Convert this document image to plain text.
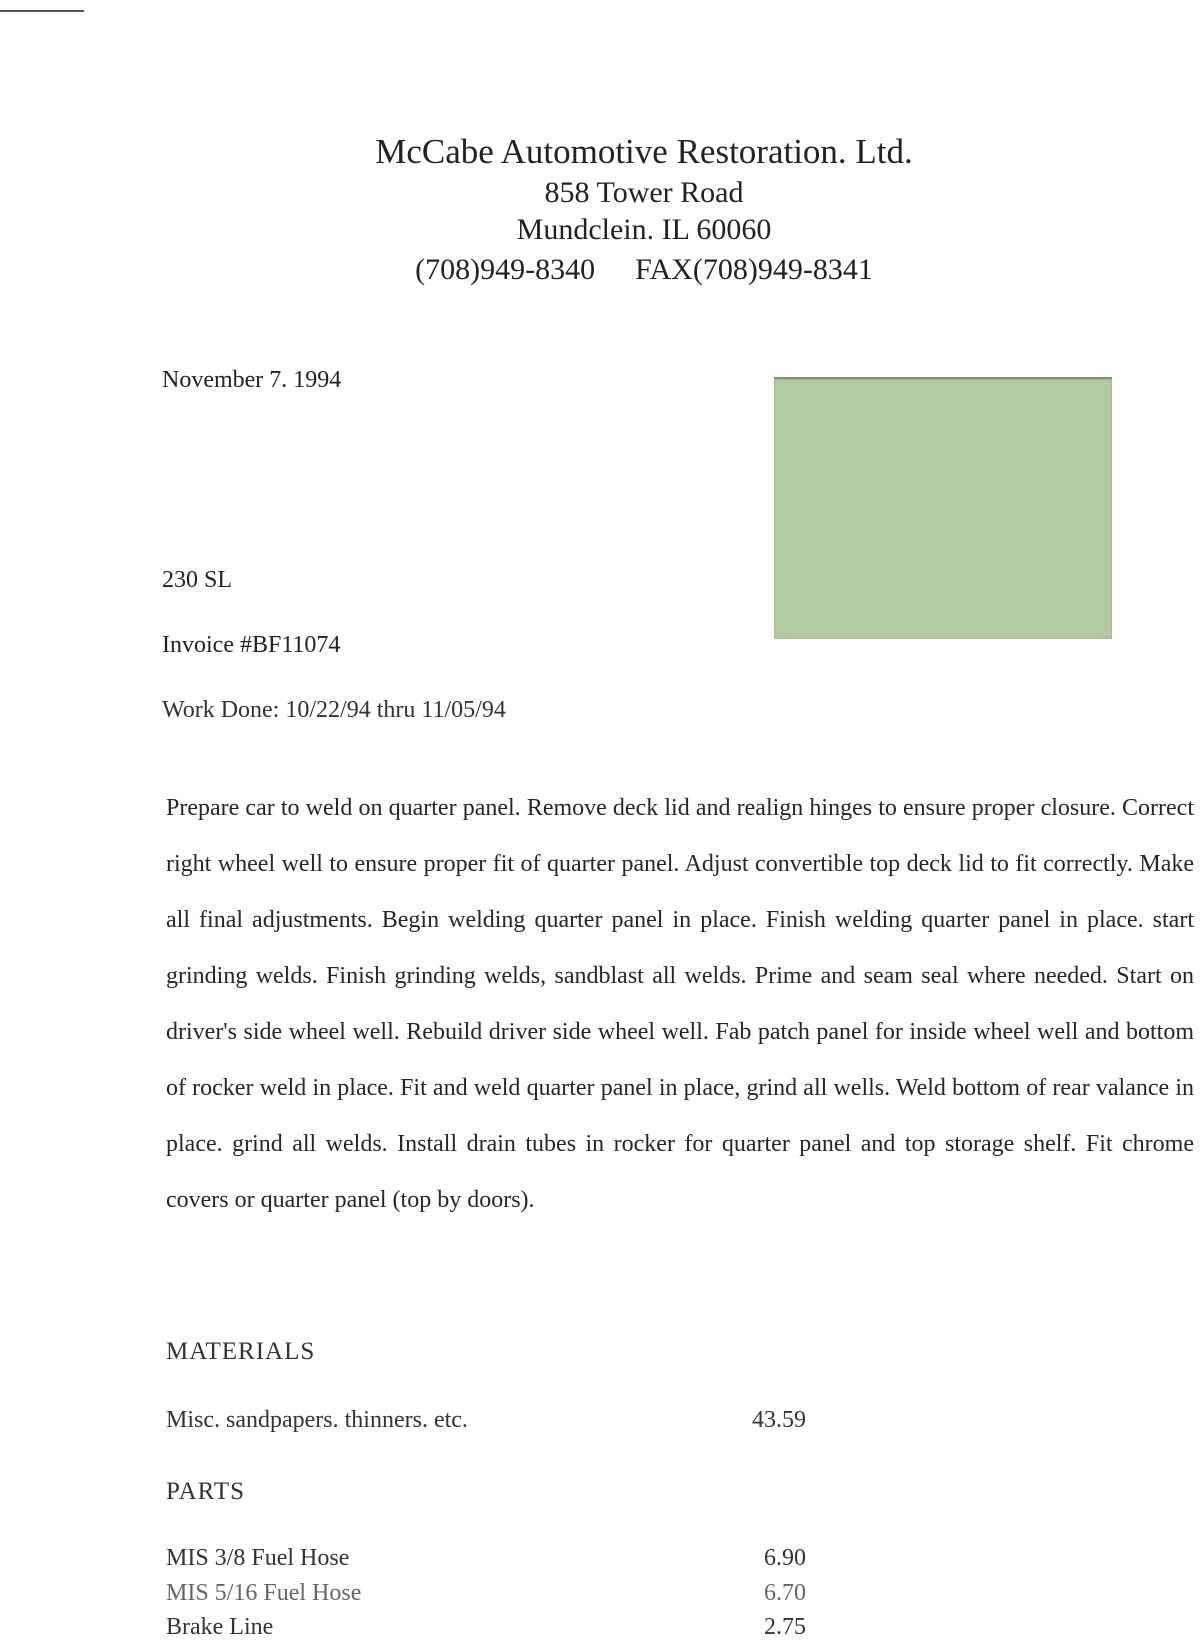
McCabe Automotive Restoration. Ltd.
858 Tower Road
Mundclein. IL 60060
(708)949-8340 FAX(708)949-8341
November 7. 1994
230 SL
Invoice #BF11074
Work Done: 10/22/94 thru 11/05/94
Prepare car to weld on quarter panel. Remove deck lid and realign hinges to ensure proper closure. Correct right wheel well to ensure proper fit of quarter panel. Adjust convertible top deck lid to fit correctly. Make all final adjustments. Begin welding quarter panel in place. Finish welding quarter panel in place. start grinding welds. Finish grinding welds, sandblast all welds. Prime and seam seal where needed. Start on driver's side wheel well. Rebuild driver side wheel well. Fab patch panel for inside wheel well and bottom of rocker weld in place. Fit and weld quarter panel in place, grind all wells. Weld bottom of rear valance in place. grind all welds. Install drain tubes in rocker for quarter panel and top storage shelf. Fit chrome covers or quarter panel (top by doors).
MATERIALS
Misc. sandpapers. thinners. etc.	43.59
PARTS
MIS 3/8 Fuel Hose	6.90
MIS 5/16 Fuel Hose	6.70
Brake Line	2.75
